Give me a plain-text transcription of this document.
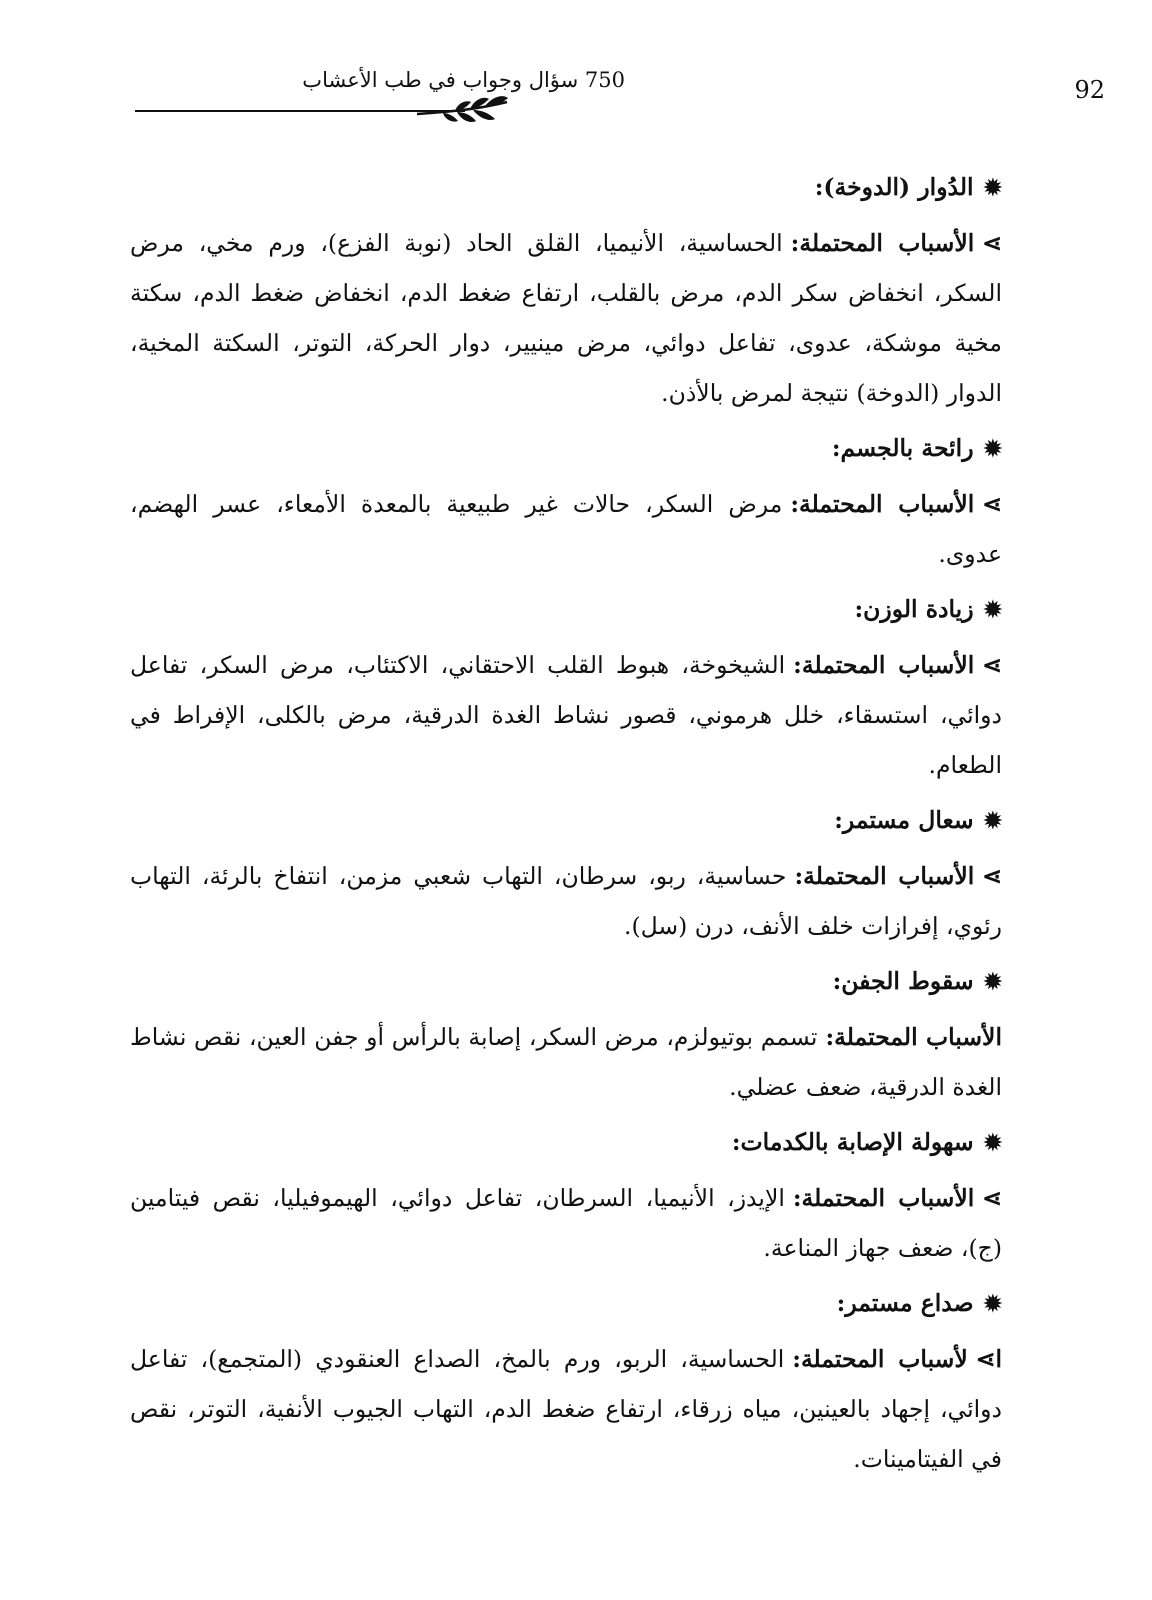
92
750 سؤال وجواب في طب الأعشاب
✹الدُوار (الدوخة):
⋗الأسباب المحتملة:الحساسية، الأنيميا، القلق الحاد (نوبة الفزع)، ورم مخي، مرض السكر، انخفاض سكر الدم، مرض بالقلب، ارتفاع ضغط الدم، انخفاض ضغط الدم، سكتة مخية موشكة، عدوى، تفاعل دوائي، مرض مينيير، دوار الحركة، التوتر، السكتة المخية، الدوار (الدوخة) نتيجة لمرض بالأذن.
✹رائحة بالجسم:
⋗الأسباب المحتملة:مرض السكر، حالات غير طبيعية بالمعدة الأمعاء، عسر الهضم، عدوى.
✹زيادة الوزن:
⋗الأسباب المحتملة:الشيخوخة، هبوط القلب الاحتقاني، الاكتئاب، مرض السكر، تفاعل دوائي، استسقاء، خلل هرموني، قصور نشاط الغدة الدرقية، مرض بالكلى، الإفراط في الطعام.
✹سعال مستمر:
⋗الأسباب المحتملة:حساسية، ربو، سرطان، التهاب شعبي مزمن، انتفاخ بالرئة، التهاب رئوي، إفرازات خلف الأنف، درن (سل).
✹سقوط الجفن:
الأسباب المحتملة:تسمم بوتيولزم، مرض السكر، إصابة بالرأس أو جفن العين، نقص نشاط الغدة الدرقية، ضعف عضلي.
✹سهولة الإصابة بالكدمات:
⋗الأسباب المحتملة:الإيدز، الأنيميا، السرطان، تفاعل دوائي، الهيموفيليا، نقص فيتامين (ج)، ضعف جهاز المناعة.
✹صداع مستمر:
ا⋗لأسباب المحتملة:الحساسية، الربو، ورم بالمخ، الصداع العنقودي (المتجمع)، تفاعل دوائي، إجهاد بالعينين، مياه زرقاء، ارتفاع ضغط الدم، التهاب الجيوب الأنفية، التوتر، نقص في الفيتامينات.
